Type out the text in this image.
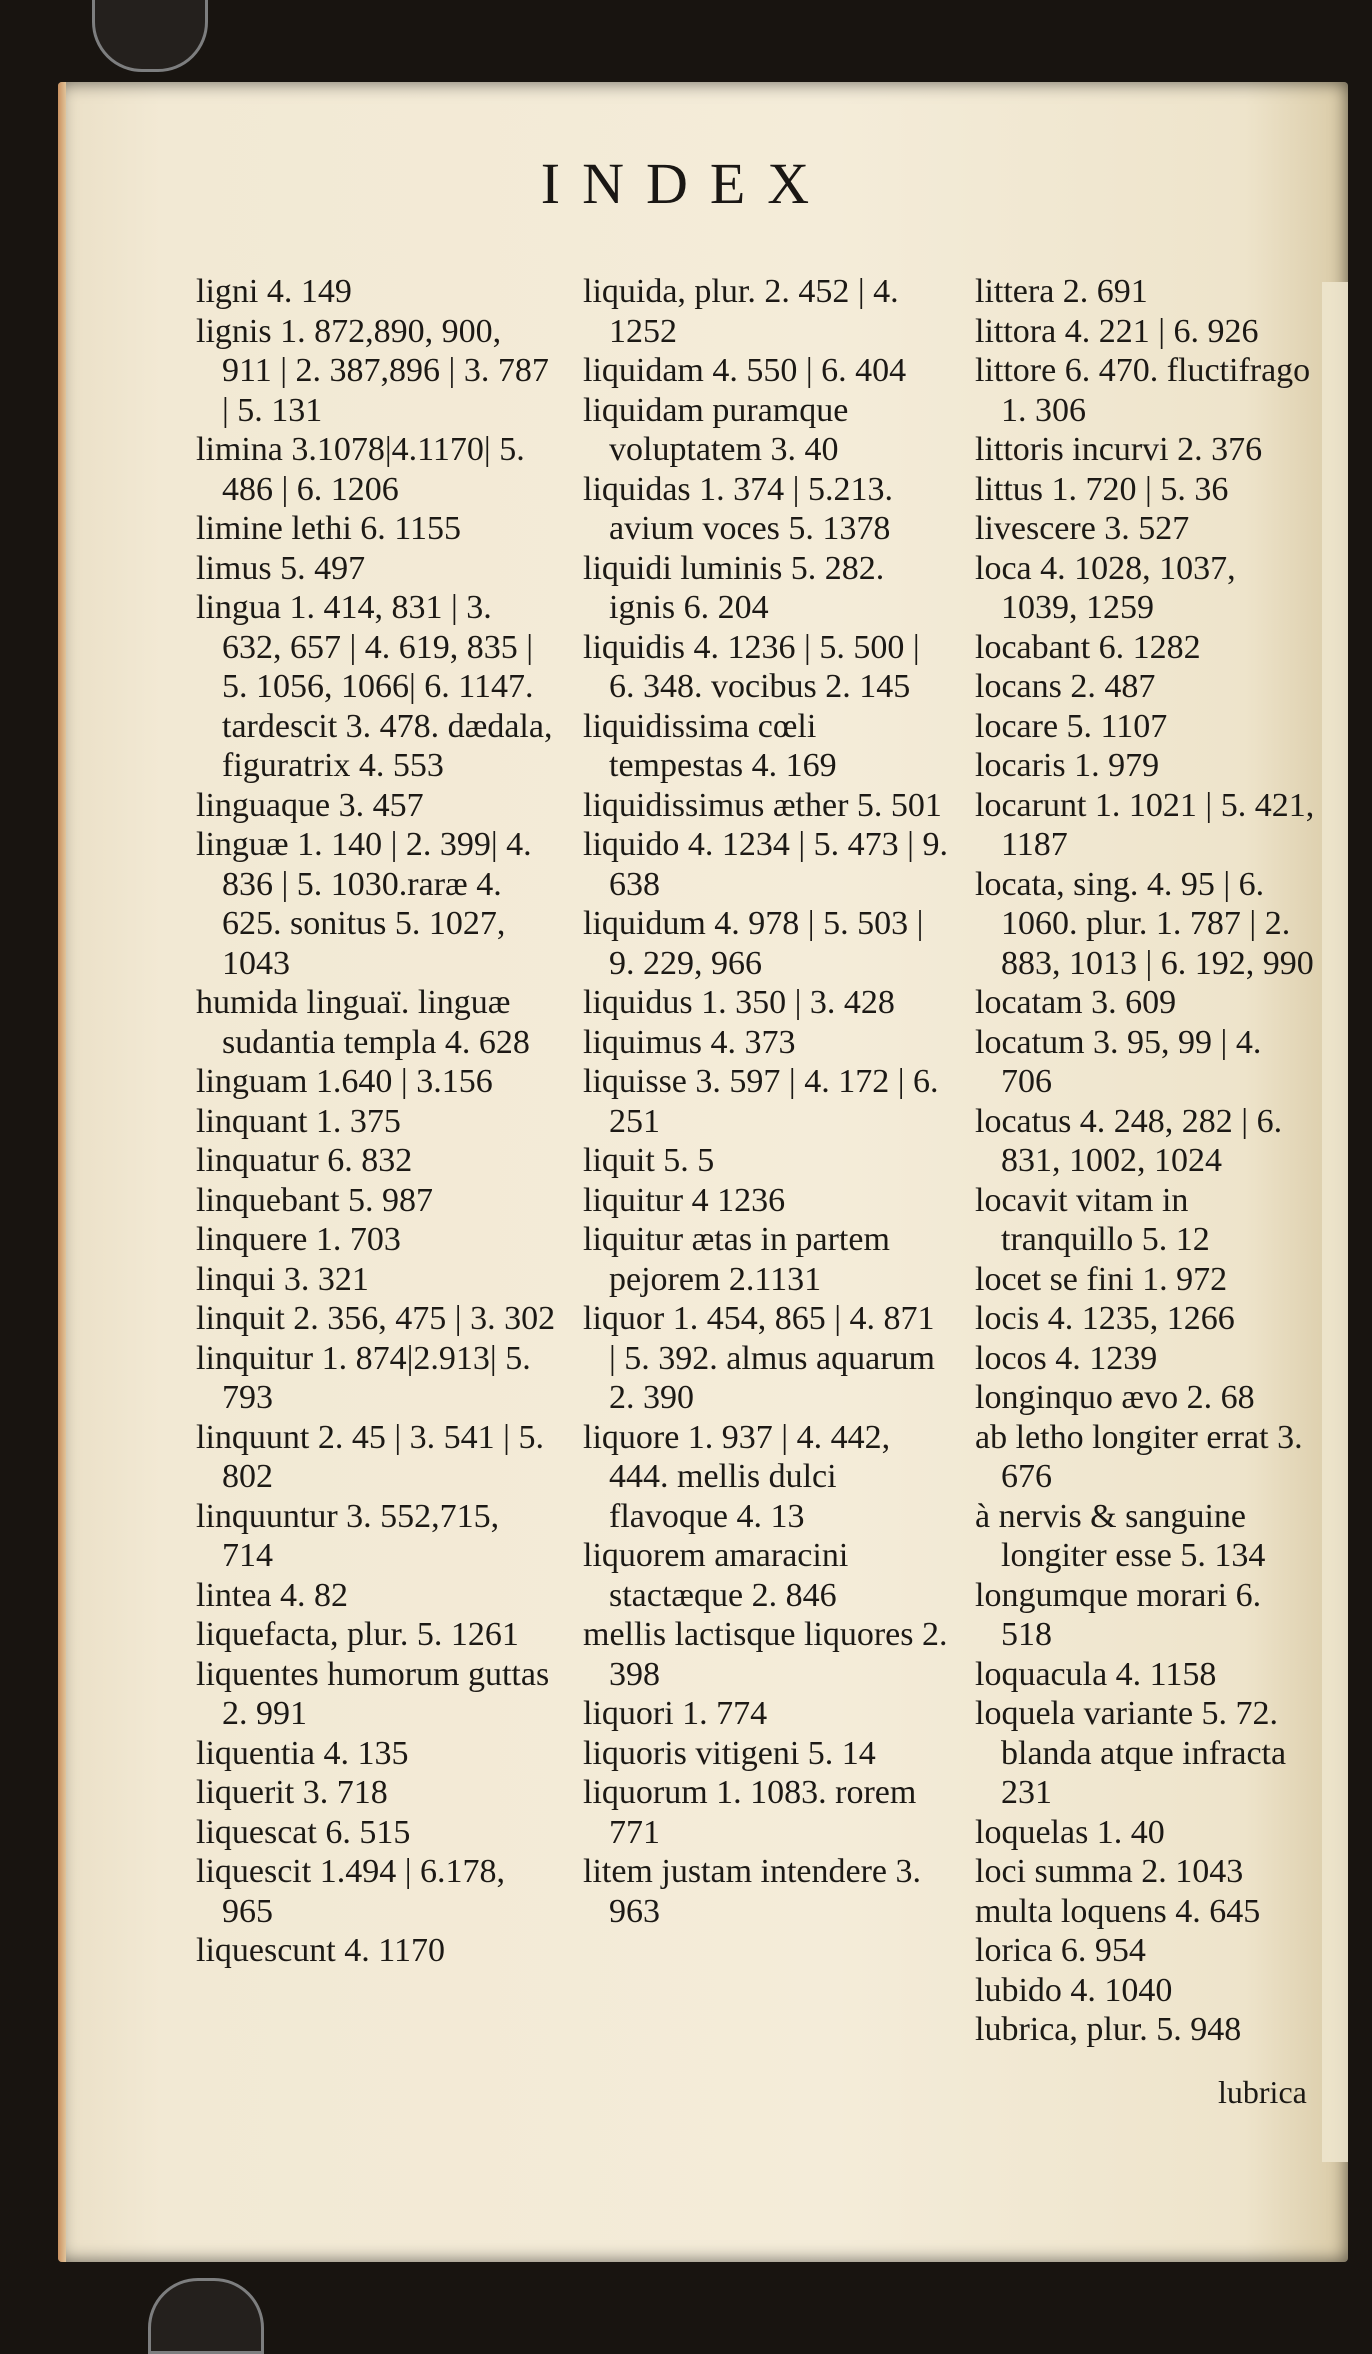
INDEX
ligni 4. 149
lignis 1. 872,890, 900, 911 | 2. 387,896 | 3. 787 | 5. 131
limina 3.1078|4.1170| 5. 486 | 6. 1206
limine lethi 6. 1155
limus 5. 497
lingua 1. 414, 831 | 3. 632, 657 | 4. 619, 835 | 5. 1056, 1066| 6. 1147. tardescit 3. 478. dædala, figuratrix 4. 553
linguaque 3. 457
linguæ 1. 140 | 2. 399| 4. 836 | 5. 1030.raræ 4. 625. sonitus 5. 1027, 1043
humida linguaï. linguæ sudantia templa 4. 628
linguam 1.640 | 3.156
linquant 1. 375
linquatur 6. 832
linquebant 5. 987
linquere 1. 703
linqui 3. 321
linquit 2. 356, 475 | 3. 302
linquitur 1. 874|2.913| 5. 793
linquunt 2. 45 | 3. 541 | 5. 802
linquuntur 3. 552,715, 714
lintea 4. 82
liquefacta, plur. 5. 1261
liquentes humorum guttas 2. 991
liquentia 4. 135
liquerit 3. 718
liquescat 6. 515
liquescit 1.494 | 6.178, 965
liquescunt 4. 1170
liquida, plur. 2. 452 | 4. 1252
liquidam 4. 550 | 6. 404
liquidam puramque voluptatem 3. 40
liquidas 1. 374 | 5.213. avium voces 5. 1378
liquidi luminis 5. 282. ignis 6. 204
liquidis 4. 1236 | 5. 500 | 6. 348. vocibus 2. 145
liquidissima cœli tempestas 4. 169
liquidissimus æther 5. 501
liquido 4. 1234 | 5. 473 | 9. 638
liquidum 4. 978 | 5. 503 | 9. 229, 966
liquidus 1. 350 | 3. 428
liquimus 4. 373
liquisse 3. 597 | 4. 172 | 6. 251
liquit 5. 5
liquitur 4 1236
liquitur ætas in partem pejorem 2.1131
liquor 1. 454, 865 | 4. 871 | 5. 392. almus aquarum 2. 390
liquore 1. 937 | 4. 442, 444. mellis dulci flavoque 4. 13
liquorem amaracini stactæque 2. 846
mellis lactisque liquores 2. 398
liquori 1. 774
liquoris vitigeni 5. 14
liquorum 1. 1083. rorem 771
litem justam intendere 3. 963
littera 2. 691
littora 4. 221 | 6. 926
littore 6. 470. fluctifrago 1. 306
littoris incurvi 2. 376
littus 1. 720 | 5. 36
livescere 3. 527
loca 4. 1028, 1037, 1039, 1259
locabant 6. 1282
locans 2. 487
locare 5. 1107
locaris 1. 979
locarunt 1. 1021 | 5. 421, 1187
locata, sing. 4. 95 | 6. 1060. plur. 1. 787 | 2. 883, 1013 | 6. 192, 990
locatam 3. 609
locatum 3. 95, 99 | 4. 706
locatus 4. 248, 282 | 6. 831, 1002, 1024
locavit vitam in tranquillo 5. 12
locet se fini 1. 972
locis 4. 1235, 1266
locos 4. 1239
longinquo ævo 2. 68
ab letho longiter errat 3. 676
à nervis & sanguine longiter esse 5. 134
longumque morari 6. 518
loquacula 4. 1158
loquela variante 5. 72. blanda atque infracta 231
loquelas 1. 40
loci summa 2. 1043
multa loquens 4. 645
lorica 6. 954
lubido 4. 1040
lubrica, plur. 5. 948
lubrica
